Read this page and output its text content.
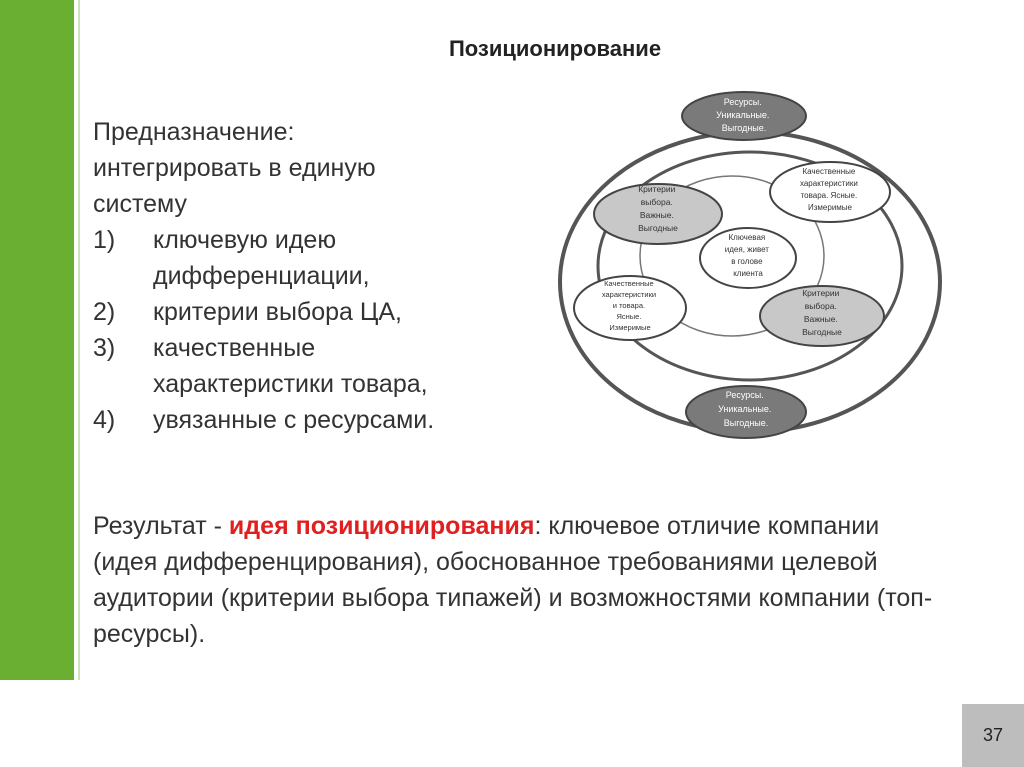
Позиционирование
Предназначение:
интегрировать в единую
систему
1) ключевую идею
дифференциации,
2) критерии выбора ЦА,
3) качественные
характеристики товара,
4) увязанные с ресурсами.
Ресурсы. Уникальные. Выгодные.
Ресурсы. Уникальные. Выгодные.
Критерии выбора. Важные. Выгодные
Критерии выбора. Важные. Выгодные
Качественные характеристики товара. Ясные. Измеримые
Качественные характеристики и товара. Ясные. Измеримые
Ключевая идея, живет в голове клиента
Результат - идея позиционирования: ключевое отличие компании (идея дифференцирования), обоснованное требованиями целевой аудитории (критерии выбора типажей) и возможностями компании (топ-ресурсы).
37
